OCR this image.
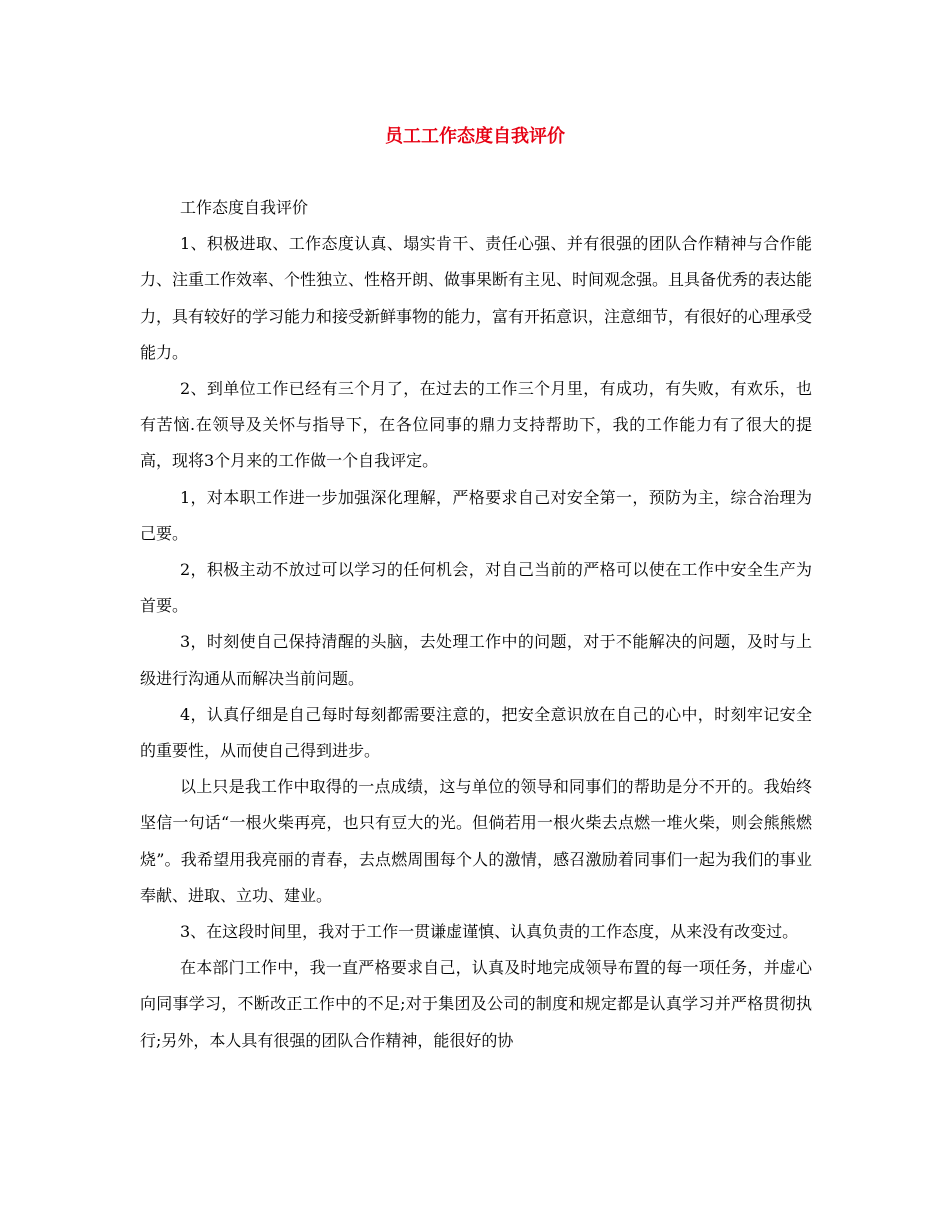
员工工作态度自我评价

工作态度自我评价

1、积极进取、工作态度认真、塌实肯干、责任心强、并有很强的团队合作精神与合作能力、注重工作效率、个性独立、性格开朗、做事果断有主见、时间观念强。且具备优秀的表达能力，具有较好的学习能力和接受新鲜事物的能力，富有开拓意识，注意细节，有很好的心理承受能力。

2、到单位工作已经有三个月了，在过去的工作三个月里，有成功，有失败，有欢乐，也有苦恼.在领导及关怀与指导下，在各位同事的鼎力支持帮助下，我的工作能力有了很大的提高，现将3个月来的工作做一个自我评定。

1，对本职工作进一步加强深化理解，严格要求自己对安全第一，预防为主，综合治理为己要。

2，积极主动不放过可以学习的任何机会，对自己当前的严格可以使在工作中安全生产为首要。

3，时刻使自己保持清醒的头脑，去处理工作中的问题，对于不能解决的问题，及时与上级进行沟通从而解决当前问题。

4，认真仔细是自己每时每刻都需要注意的，把安全意识放在自己的心中，时刻牢记安全的重要性，从而使自己得到进步。

以上只是我工作中取得的一点成绩，这与单位的领导和同事们的帮助是分不开的。我始终坚信一句话“一根火柴再亮，也只有豆大的光。但倘若用一根火柴去点燃一堆火柴，则会熊熊燃烧”。我希望用我亮丽的青春，去点燃周围每个人的激情，感召激励着同事们一起为我们的事业奉献、进取、立功、建业。

3、在这段时间里，我对于工作一贯谦虚谨慎、认真负责的工作态度，从来没有改变过。

在本部门工作中，我一直严格要求自己，认真及时地完成领导布置的每一项任务，并虚心向同事学习，不断改正工作中的不足;对于集团及公司的制度和规定都是认真学习并严格贯彻执行;另外，本人具有很强的团队合作精神，能很好的协
